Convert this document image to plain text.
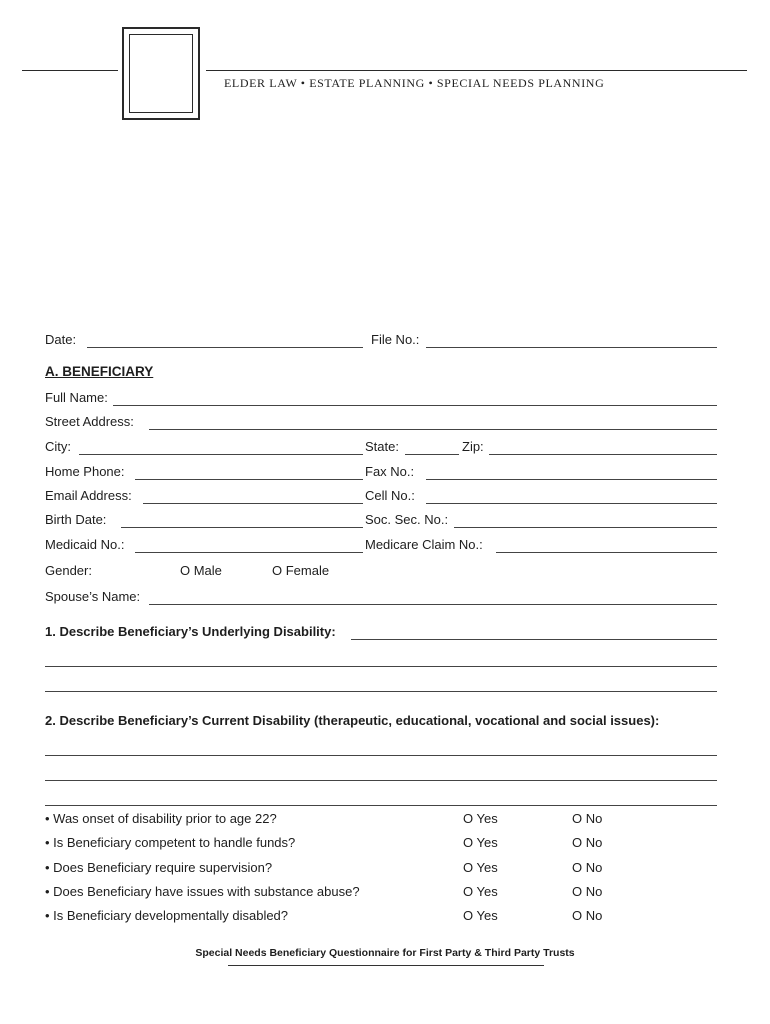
ELDER LAW • ESTATE PLANNING • SPECIAL NEEDS PLANNING
Date:	File No.:
A. BENEFICIARY
Full Name:
Street Address:
City:	State:	Zip:
Home Phone:	Fax No.:
Email Address:	Cell No.:
Birth Date:	Soc. Sec. No.:
Medicaid No.:	Medicare Claim No.:
Gender:	O Male	O Female
Spouse’s Name:
1. Describe Beneficiary’s Underlying Disability:
2. Describe Beneficiary’s Current Disability (therapeutic, educational, vocational and social issues):
• Was onset of disability prior to age 22?	O Yes	O No
• Is Beneficiary competent to handle funds?	O Yes	O No
• Does Beneficiary require supervision?	O Yes	O No
• Does Beneficiary have issues with substance abuse?	O Yes	O No
• Is Beneficiary developmentally disabled?	O Yes	O No
Special Needs Beneficiary Questionnaire for First Party & Third Party Trusts
